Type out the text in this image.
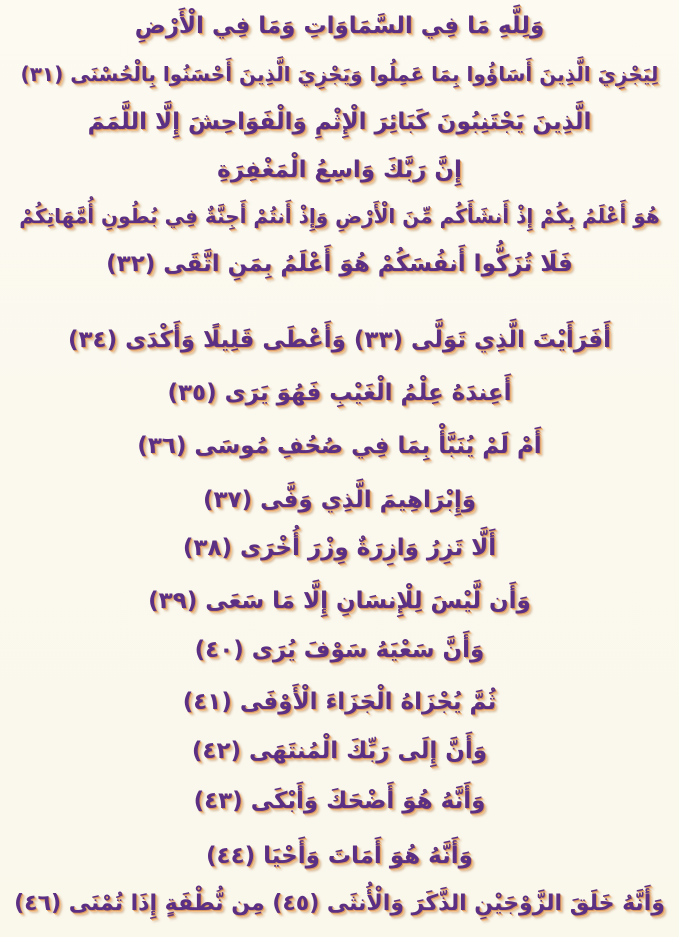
وَلِلَّهِ مَا فِي السَّمَاوَاتِ وَمَا فِي الْأَرْضِ
لِيَجْزِيَ الَّذِينَ أَسَاؤُوا بِمَا عَمِلُوا وَيَجْزِيَ الَّذِينَ أَحْسَنُوا بِالْحُسْنَى (٣١)
الَّذِينَ يَجْتَنِبُونَ كَبَائِرَ الْإِثْمِ وَالْفَوَاحِشَ إِلَّا اللَّمَمَ
إِنَّ رَبَّكَ وَاسِعُ الْمَغْفِرَةِ
هُوَ أَعْلَمُ بِكُمْ إِذْ أَنشَأَكُم مِّنَ الْأَرْضِ وَإِذْ أَنتُمْ أَجِنَّةٌ فِي بُطُونِ أُمَّهَاتِكُمْ
فَلَا تُزَكُّوا أَنفُسَكُمْ هُوَ أَعْلَمُ بِمَنِ اتَّقَى (٣٢)
أَفَرَأَيْتَ الَّذِي تَوَلَّى (٣٣) وَأَعْطَى قَلِيلًا وَأَكْدَى (٣٤)
أَعِندَهُ عِلْمُ الْغَيْبِ فَهُوَ يَرَى (٣٥)
أَمْ لَمْ يُنَبَّأْ بِمَا فِي صُحُفِ مُوسَى (٣٦)
وَإِبْرَاهِيمَ الَّذِي وَفَّى (٣٧)
أَلَّا تَزِرُ وَازِرَةٌ وِزْرَ أُخْرَى (٣٨)
وَأَن لَّيْسَ لِلْإِنسَانِ إِلَّا مَا سَعَى (٣٩)
وَأَنَّ سَعْيَهُ سَوْفَ يُرَى (٤٠)
ثُمَّ يُجْزَاهُ الْجَزَاءَ الْأَوْفَى (٤١)
وَأَنَّ إِلَى رَبِّكَ الْمُنتَهَى (٤٢)
وَأَنَّهُ هُوَ أَضْحَكَ وَأَبْكَى (٤٣)
وَأَنَّهُ هُوَ أَمَاتَ وَأَحْيَا (٤٤)
وَأَنَّهُ خَلَقَ الزَّوْجَيْنِ الذَّكَرَ وَالْأُنثَى (٤٥) مِن نُّطْفَةٍ إِذَا تُمْنَى (٤٦)
